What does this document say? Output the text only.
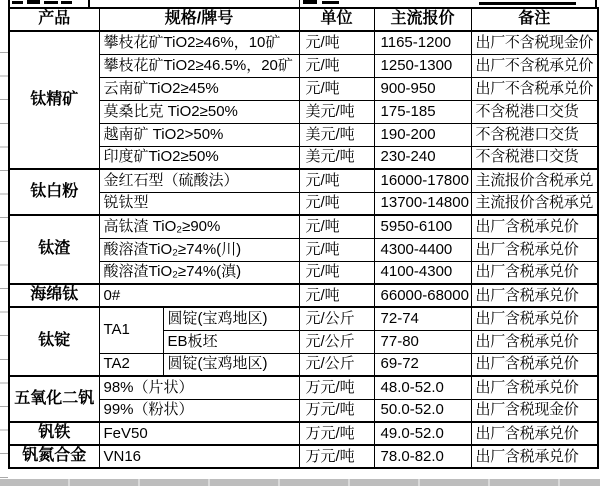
产品	规格/牌号		单位	主流报价	备注
钛精矿	攀枝花矿TiO2≥46%，10矿		元/吨	1165-1200	出厂不含税现金价
	攀枝花矿TiO2≥46.5%，20矿		元/吨	1250-1300	出厂不含税承兑价
	云南矿TiO2≥45%		元/吨	900-950	出厂不含税承兑价
	莫桑比克 TiO2≥50%		美元/吨	175-185	不含税港口交货
	越南矿 TiO2>50%		美元/吨	190-200	不含税港口交货
	印度矿TiO2≥50%		美元/吨	230-240	不含税港口交货
钛白粉	金红石型（硫酸法）		元/吨	16000-17800	主流报价含税承兑
	锐钛型		元/吨	13700-14800	主流报价含税承兑
钛渣	高钛渣 TiO₂≥90%		元/吨	5950-6100	出厂含税承兑价
	酸溶渣TiO₂≥74%(川)		元/吨	4300-4400	出厂含税承兑价
	酸溶渣TiO₂≥74%(滇)		元/吨	4100-4300	出厂含税承兑价
海绵钛	0#		元/吨	66000-68000	出厂含税承兑价
钛锭	TA1	圆锭(宝鸡地区)	元/公斤	72-74	出厂含税承兑价
		EB板坯	元/公斤	77-80	出厂含税承兑价
	TA2	圆锭(宝鸡地区)	元/公斤	69-72	出厂含税承兑价
五氧化二钒	98%（片状）		万元/吨	48.0-52.0	出厂含税承兑价
	99%（粉状）		万元/吨	50.0-52.0	出厂含税现金价
钒铁	FeV50		万元/吨	49.0-52.0	出厂含税承兑价
钒氮合金	VN16		万元/吨	78.0-82.0	出厂含税承兑价
